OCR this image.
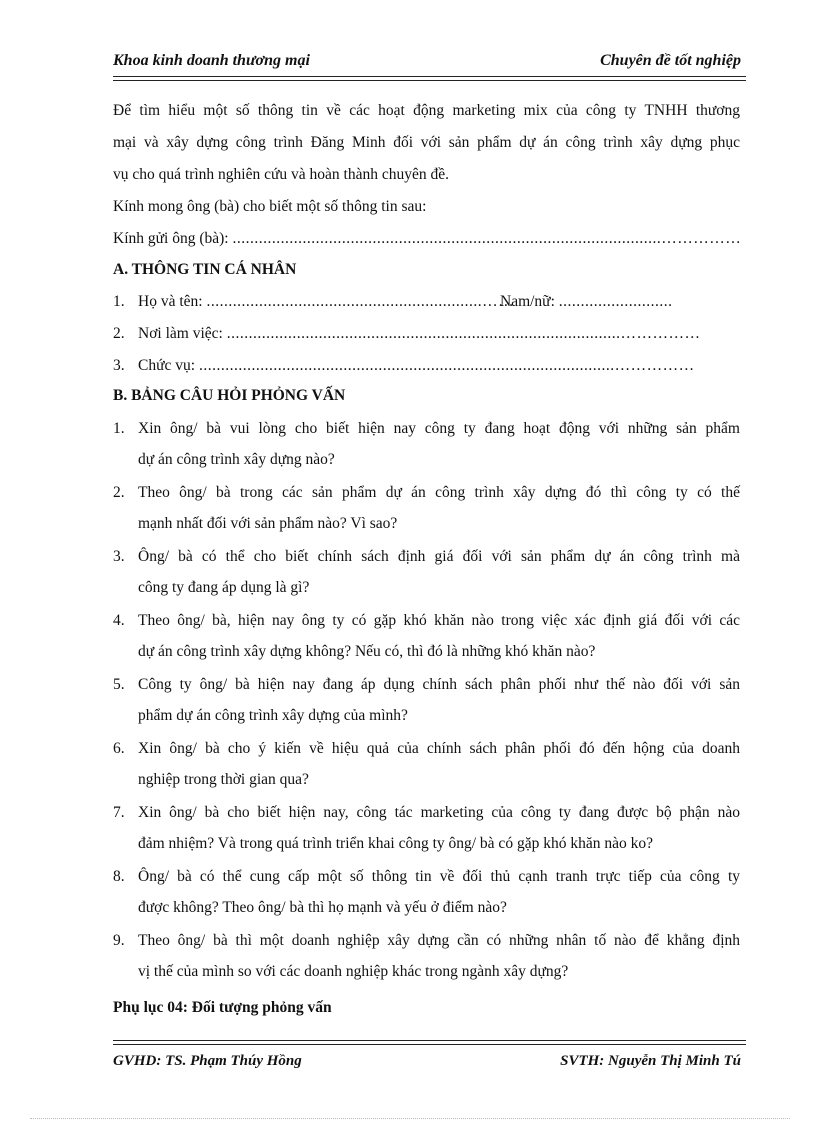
Khoa kinh doanh thương mại	Chuyên đề tốt nghiệp
Để tìm hiểu một số thông tin về các hoạt động marketing mix của công ty TNHH thương
mại và xây dựng công trình Đăng Minh đối với sản phẩm dự án công trình xây dựng phục
vụ cho quá trình nghiên cứu và hoàn thành chuyên đề.
Kính mong ông (bà) cho biết một số thông tin sau:
Kính gửi ông (bà): ..................................................................................................……………
A. THÔNG TIN CÁ NHÂN
1. Họ và tên: ...............................................................……
Nam/nữ: ..........................
2. Nơi làm việc: ..........................................................................................……………
3. Chức vụ: ...............................................................................................……………
B. BẢNG CÂU HỎI PHỎNG VẤN
1. Xin ông/ bà vui lòng cho biết hiện nay công ty đang hoạt động với những sản phẩm
dự án công trình xây dựng nào?
2. Theo ông/ bà trong các sản phẩm dự án công trình xây dựng đó thì công ty có thế
mạnh nhất đối với sản phẩm nào? Vì sao?
3. Ông/ bà có thể cho biết chính sách định giá đối với sản phẩm dự án công trình mà
công ty đang áp dụng là gì?
4. Theo ông/ bà, hiện nay ông ty có gặp khó khăn nào trong việc xác định giá đối với các
dự án công trình xây dựng không? Nếu có, thì đó là những khó khăn nào?
5. Công ty ông/ bà hiện nay đang áp dụng chính sách phân phối như thế nào đối với sản
phẩm dự án công trình xây dựng của mình?
6. Xin ông/ bà cho ý kiến về hiệu quả của chính sách phân phối đó đến hộng của doanh
nghiệp trong thời gian qua?
7. Xin ông/ bà cho biết hiện nay, công tác marketing của công ty đang được bộ phận nào
đảm nhiệm? Và trong quá trình triển khai công ty ông/ bà có gặp khó khăn nào ko?
8. Ông/ bà có thể cung cấp một số thông tin về đối thủ cạnh tranh trực tiếp của công ty
được không? Theo ông/ bà thì họ mạnh và yếu ở điểm nào?
9. Theo ông/ bà thì một doanh nghiệp xây dựng cần có những nhân tố nào để khẳng định
vị thế của mình so với các doanh nghiệp khác trong ngành xây dựng?
Phụ lục 04: Đối tượng phỏng vấn
GVHD: TS. Phạm Thúy Hồng	SVTH: Nguyễn Thị Minh Tú
